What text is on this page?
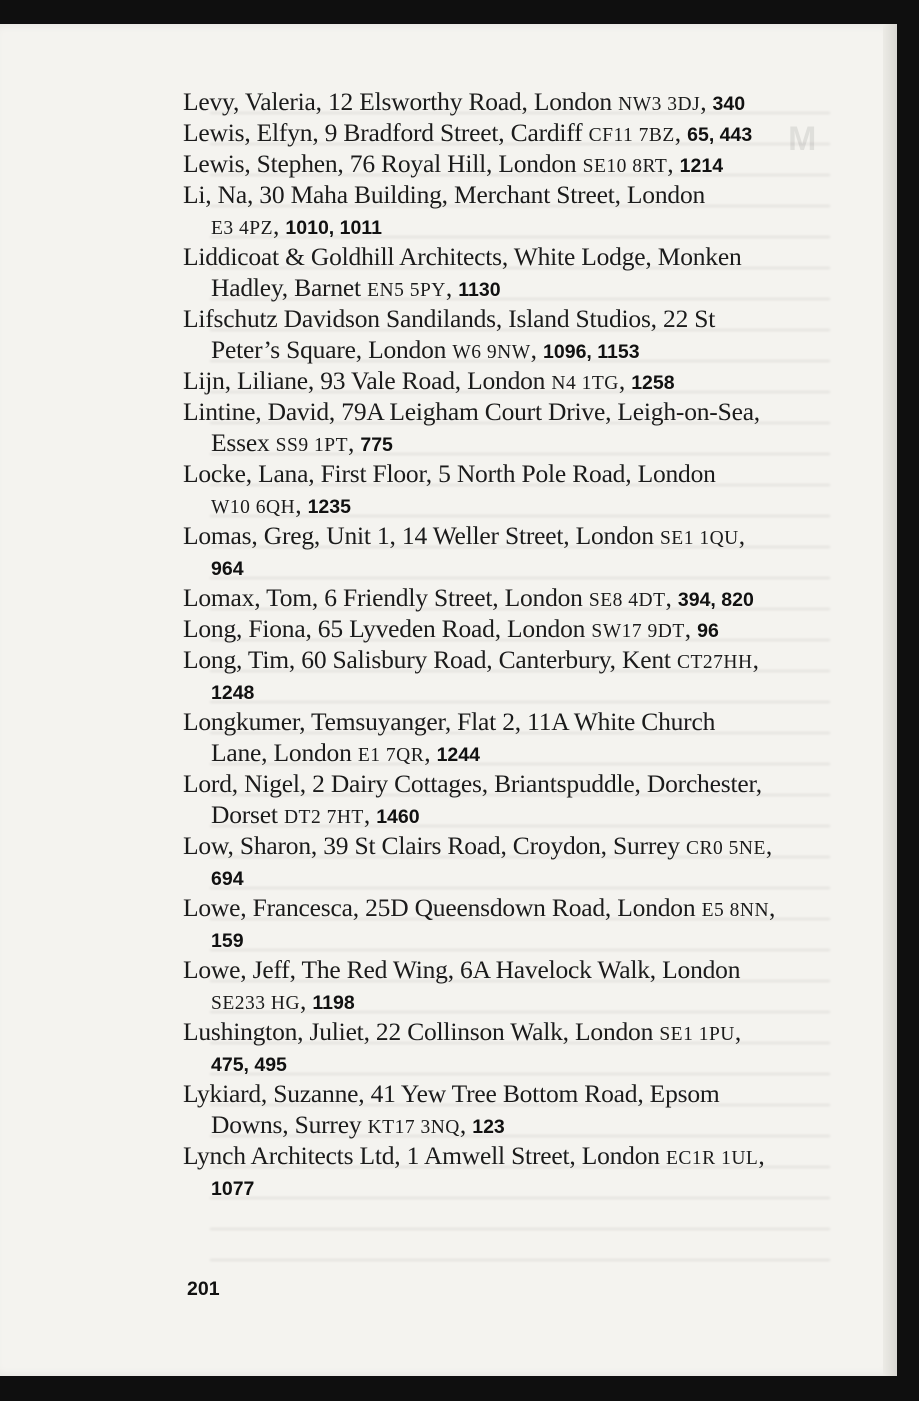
M
Levy, Valeria, 12 Elsworthy Road, London NW3 3DJ, 340
Lewis, Elfyn, 9 Bradford Street, Cardiff CF11 7BZ, 65, 443
Lewis, Stephen, 76 Royal Hill, London SE10 8RT, 1214
Li, Na, 30 Maha Building, Merchant Street, London
E3 4PZ, 1010, 1011
Liddicoat & Goldhill Architects, White Lodge, Monken
Hadley, Barnet EN5 5PY, 1130
Lifschutz Davidson Sandilands, Island Studios, 22 St
Peter’s Square, London W6 9NW, 1096, 1153
Lijn, Liliane, 93 Vale Road, London N4 1TG, 1258
Lintine, David, 79A Leigham Court Drive, Leigh-on-Sea,
Essex SS9 1PT, 775
Locke, Lana, First Floor, 5 North Pole Road, London
W10 6QH, 1235
Lomas, Greg, Unit 1, 14 Weller Street, London SE1 1QU,
964
Lomax, Tom, 6 Friendly Street, London SE8 4DT, 394, 820
Long, Fiona, 65 Lyveden Road, London SW17 9DT, 96
Long, Tim, 60 Salisbury Road, Canterbury, Kent CT27HH,
1248
Longkumer, Temsuyanger, Flat 2, 11A White Church
Lane, London E1 7QR, 1244
Lord, Nigel, 2 Dairy Cottages, Briantspuddle, Dorchester,
Dorset DT2 7HT, 1460
Low, Sharon, 39 St Clairs Road, Croydon, Surrey CR0 5NE,
694
Lowe, Francesca, 25D Queensdown Road, London E5 8NN,
159
Lowe, Jeff, The Red Wing, 6A Havelock Walk, London
SE233 HG, 1198
Lushington, Juliet, 22 Collinson Walk, London SE1 1PU,
475, 495
Lykiard, Suzanne, 41 Yew Tree Bottom Road, Epsom
Downs, Surrey KT17 3NQ, 123
Lynch Architects Ltd, 1 Amwell Street, London EC1R 1UL,
1077
201
